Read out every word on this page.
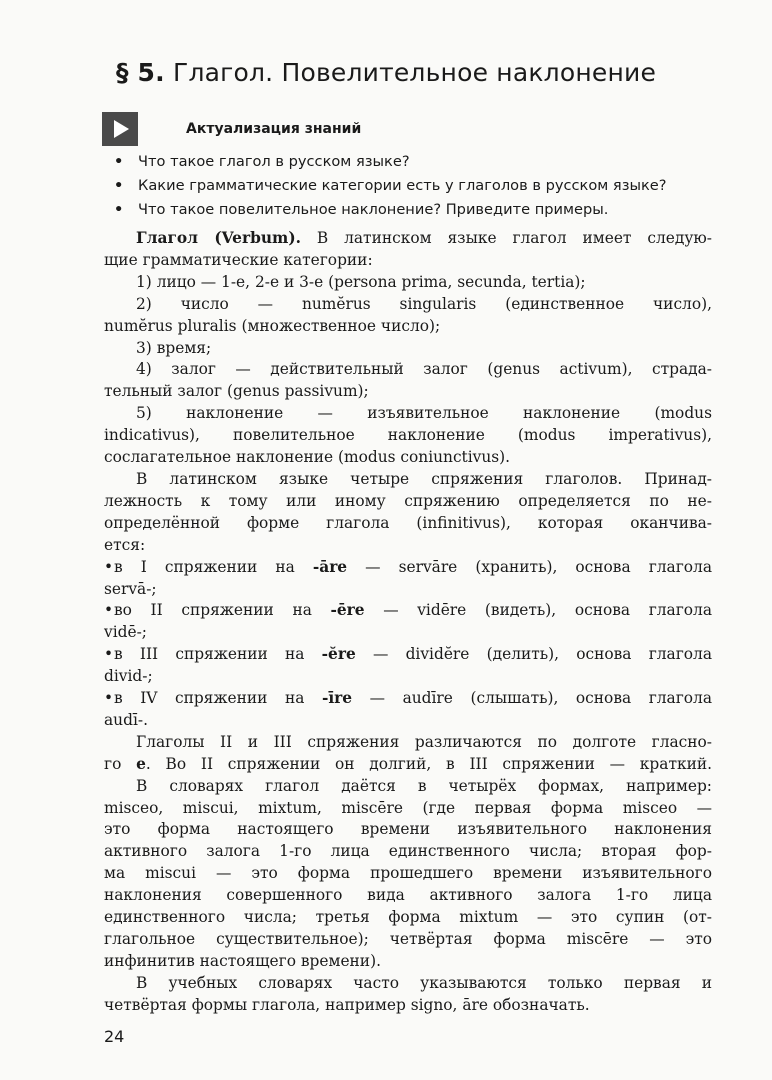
§ 5. Глагол. Повелительное наклонение
Актуализация знаний
• Что такое глагол в русском языке?
• Какие грамматические категории есть у глаголов в русском языке?
• Что такое повелительное наклонение? Приведите примеры.
Глагол (Verbum). В латинском языке глагол имеет следую-
щие грамматические категории:
1) лицо — 1-е, 2-е и 3-е (persona prima, secunda, tertia);
2) число — numĕrus singularis (единственное число),
numĕrus pluralis (множественное число);
3) время;
4) залог — действительный залог (genus activum), страда-
тельный залог (genus passivum);
5) наклонение — изъявительное наклонение (modus
indicativus), повелительное наклонение (modus imperativus),
сослагательное наклонение (modus coniunctivus).
В латинском языке четыре спряжения глаголов. Принад-
лежность к тому или иному спряжению определяется по не-
определённой форме глагола (infinitivus), которая оканчива-
ется:
• в I спряжении на -āre — servāre (хранить), основа глагола
servā-;
• во II спряжении на -ēre — vidēre (видеть), основа глагола
vidē-;
• в III спряжении на -ĕre — dividĕre (делить), основа глагола
divid-;
• в IV спряжении на -īre — audīre (слышать), основа глагола
audī-.
Глаголы II и III спряжения различаются по долготе гласно-
го e. Во II спряжении он долгий, в III спряжении — краткий.
В словарях глагол даётся в четырёх формах, например:
misceo, miscui, mixtum, miscēre (где первая форма misceo —
это форма настоящего времени изъявительного наклонения
активного залога 1-го лица единственного числа; вторая фор-
ма miscui — это форма прошедшего времени изъявительного
наклонения совершенного вида активного залога 1-го лица
единственного числа; третья форма mixtum — это супин (от-
глагольное существительное); четвёртая форма miscēre — это
инфинитив настоящего времени).
В учебных словарях часто указываются только первая и
четвёртая формы глагола, например signo, āre обозначать.
24
